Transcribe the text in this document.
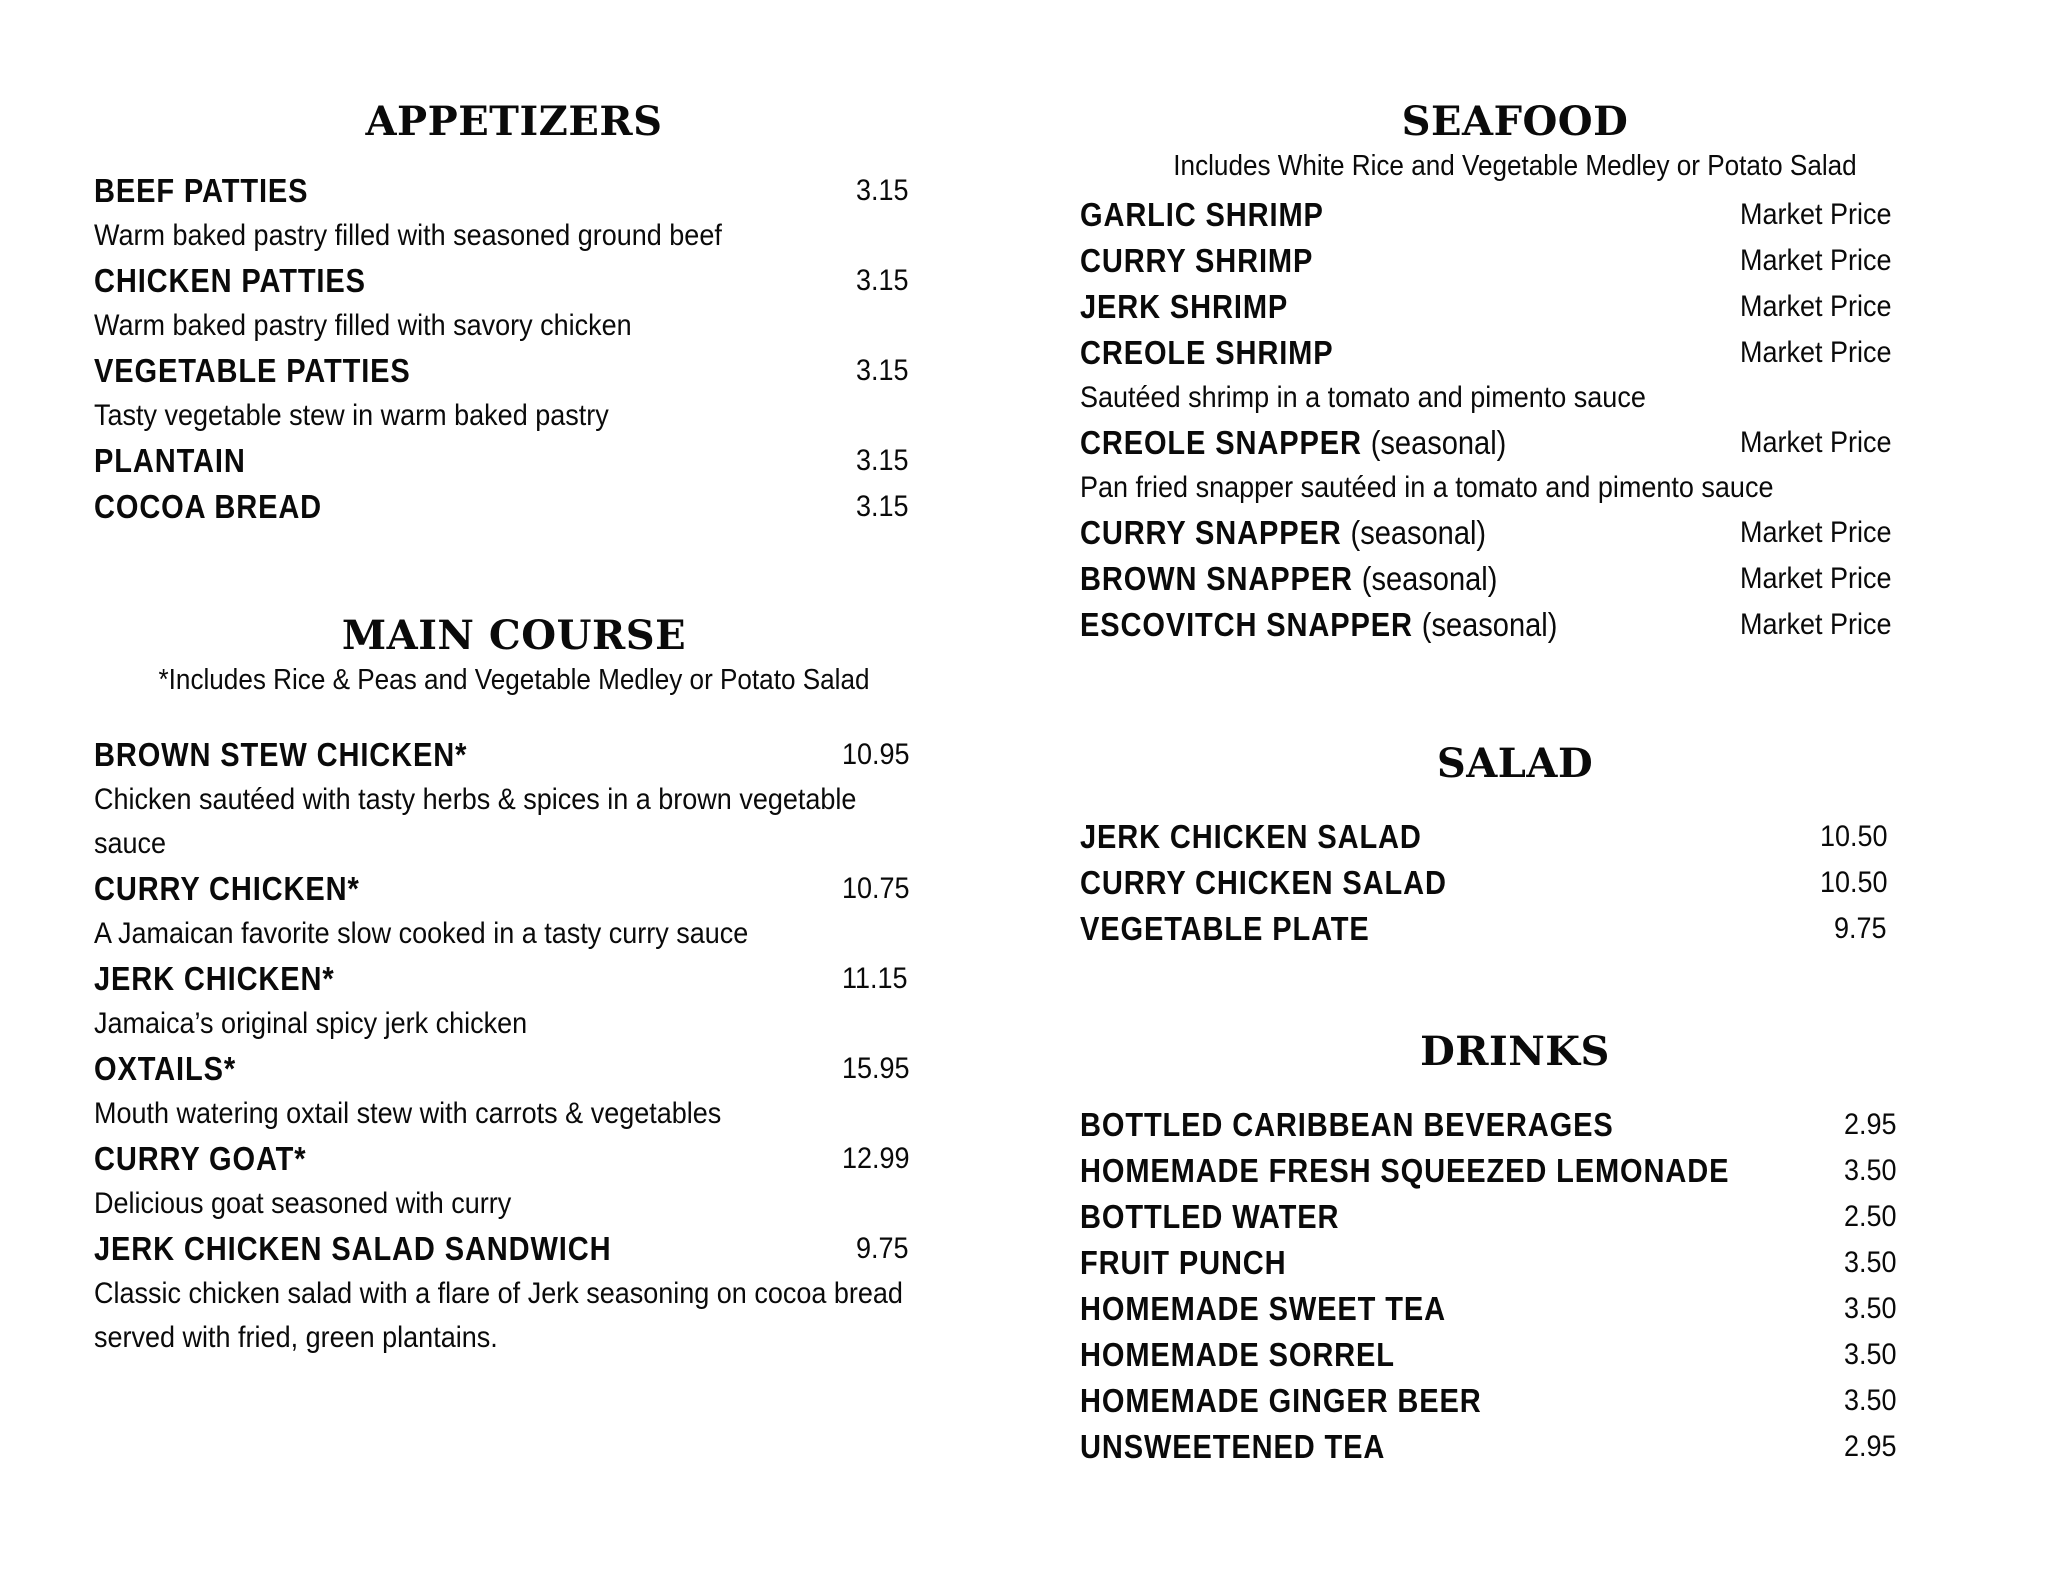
APPETIZERS
BEEF PATTIES	3.15
Warm baked pastry filled with seasoned ground beef
CHICKEN PATTIES	3.15
Warm baked pastry filled with savory chicken
VEGETABLE PATTIES	3.15
Tasty vegetable stew in warm baked pastry
PLANTAIN	3.15
COCOA BREAD	3.15
MAIN COURSE

*Includes Rice & Peas and Vegetable Medley or Potato Salad

BROWN STEW CHICKEN*	10.95
Chicken sautéed with tasty herbs & spices in a brown vegetable sauce
CURRY CHICKEN*	10.75
A Jamaican favorite slow cooked in a tasty curry sauce
JERK CHICKEN*	11.15
Jamaica’s original spicy jerk chicken
OXTAILS*	15.95
Mouth watering oxtail stew with carrots & vegetables
CURRY GOAT*	12.99
Delicious goat seasoned with curry
JERK CHICKEN SALAD SANDWICH	9.75
Classic chicken salad with a flare of Jerk seasoning on cocoa bread served with fried, green plantains.
SEAFOOD

Includes White Rice and Vegetable Medley or Potato Salad

GARLIC SHRIMP	Market Price
CURRY SHRIMP	Market Price
JERK SHRIMP	Market Price
CREOLE SHRIMP	Market Price
Sautéed shrimp in a tomato and pimento sauce
CREOLE SNAPPER (seasonal)	Market Price
Pan fried snapper sautéed in a tomato and pimento sauce
CURRY SNAPPER (seasonal)	Market Price
BROWN SNAPPER (seasonal)	Market Price
ESCOVITCH SNAPPER (seasonal)	Market Price
SALAD
JERK CHICKEN SALAD	10.50
CURRY CHICKEN SALAD	10.50
VEGETABLE PLATE	9.75
DRINKS
BOTTLED CARIBBEAN BEVERAGES	2.95
HOMEMADE FRESH SQUEEZED LEMONADE	3.50
BOTTLED WATER	2.50
FRUIT PUNCH	3.50
HOMEMADE SWEET TEA	3.50
HOMEMADE SORREL	3.50
HOMEMADE GINGER BEER	3.50
UNSWEETENED TEA	2.95
